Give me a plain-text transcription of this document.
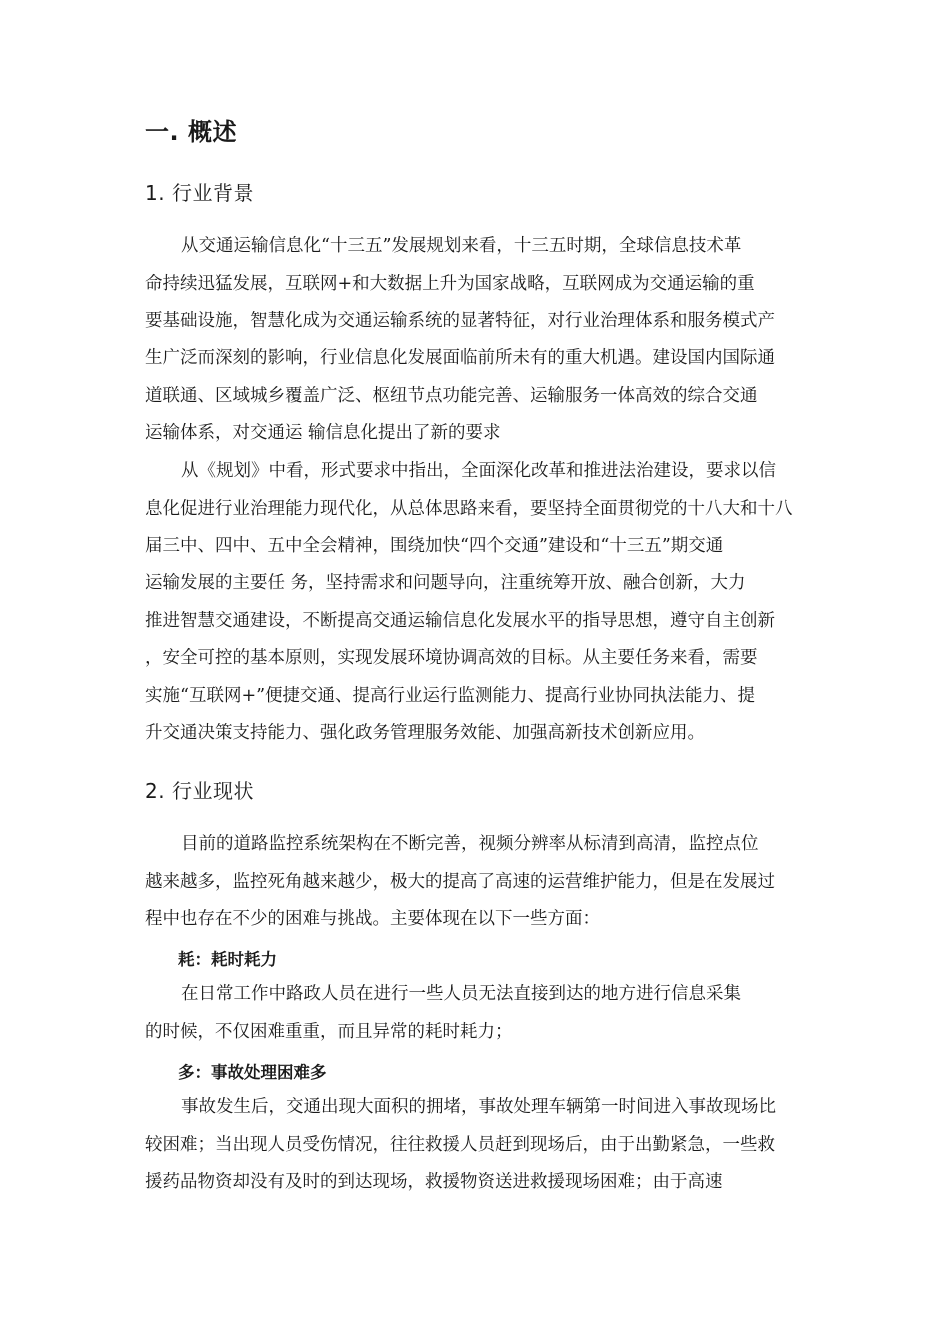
一. 概述
1. 行业背景
从交通运输信息化“十三五”发展规划来看，十三五时期，全球信息技术革
命持续迅猛发展，互联网+和大数据上升为国家战略，互联网成为交通运输的重
要基础设施，智慧化成为交通运输系统的显著特征，对行业治理体系和服务模式产
生广泛而深刻的影响，行业信息化发展面临前所未有的重大机遇。建设国内国际通
道联通、区域城乡覆盖广泛、枢纽节点功能完善、运输服务一体高效的综合交通
运输体系，对交通运 输信息化提出了新的要求
从《规划》中看，形式要求中指出，全面深化改革和推进法治建设，要求以信
息化促进行业治理能力现代化，从总体思路来看，要坚持全面贯彻党的十八大和十八
届三中、四中、五中全会精神，围绕加快“四个交通”建设和“十三五”期交通
运输发展的主要任 务，坚持需求和问题导向，注重统筹开放、融合创新，大力
推进智慧交通建设，不断提高交通运输信息化发展水平的指导思想，遵守自主创新
，安全可控的基本原则，实现发展环境协调高效的目标。从主要任务来看，需要
实施“互联网+”便捷交通、提高行业运行监测能力、提高行业协同执法能力、提
升交通决策支持能力、强化政务管理服务效能、加强高新技术创新应用。
2. 行业现状
目前的道路监控系统架构在不断完善，视频分辨率从标清到高清，监控点位
越来越多，监控死角越来越少，极大的提高了高速的运营维护能力，但是在发展过
程中也存在不少的困难与挑战。主要体现在以下一些方面：
耗：耗时耗力
在日常工作中路政人员在进行一些人员无法直接到达的地方进行信息采集
的时候，不仅困难重重，而且异常的耗时耗力；
多：事故处理困难多
事故发生后，交通出现大面积的拥堵，事故处理车辆第一时间进入事故现场比
较困难；当出现人员受伤情况，往往救援人员赶到现场后，由于出勤紧急，一些救
援药品物资却没有及时的到达现场，救援物资送进救援现场困难；由于高速
